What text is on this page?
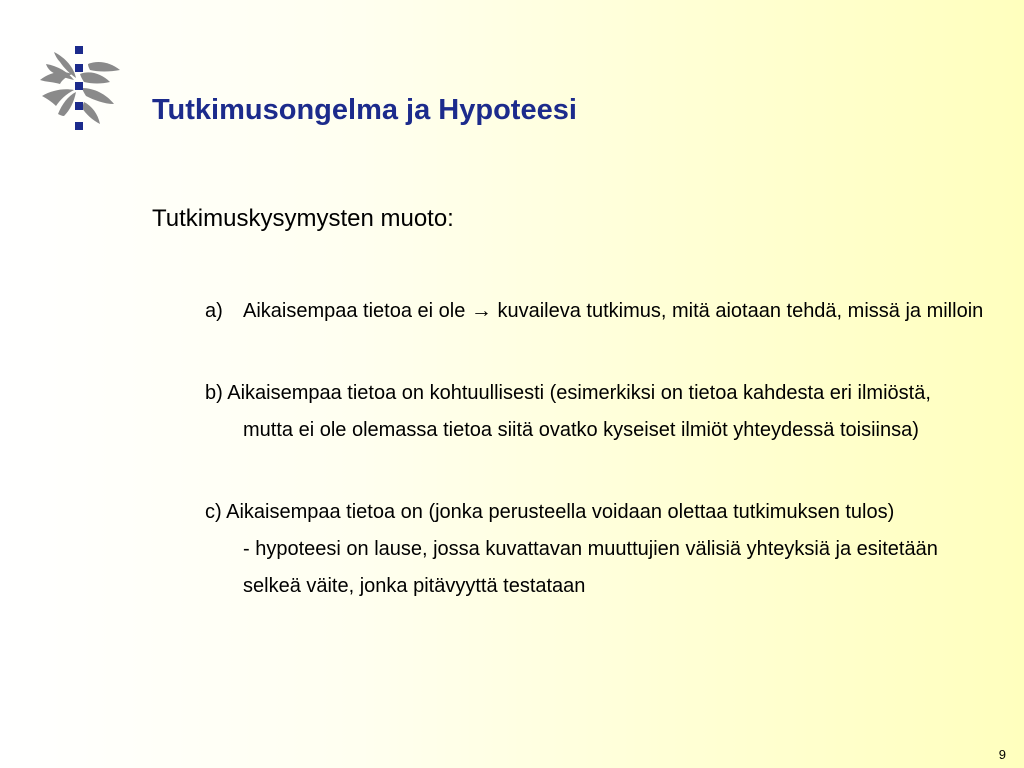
Tutkimusongelma ja Hypoteesi

Tutkimuskysymysten muoto:

a) Aikaisempaa tietoa ei ole → kuvaileva tutkimus, mitä aiotaan tehdä, missä ja milloin

b) Aikaisempaa tietoa on kohtuullisesti (esimerkiksi on tietoa kahdesta eri ilmiöstä, mutta ei ole olemassa tietoa siitä ovatko kyseiset ilmiöt yhteydessä toisiinsa)

c) Aikaisempaa tietoa on (jonka perusteella voidaan olettaa tutkimuksen tulos)

- hypoteesi on lause, jossa kuvattavan muuttujien välisiä yhteyksiä ja esitetään selkeä väite, jonka pitävyyttä testataan

9
